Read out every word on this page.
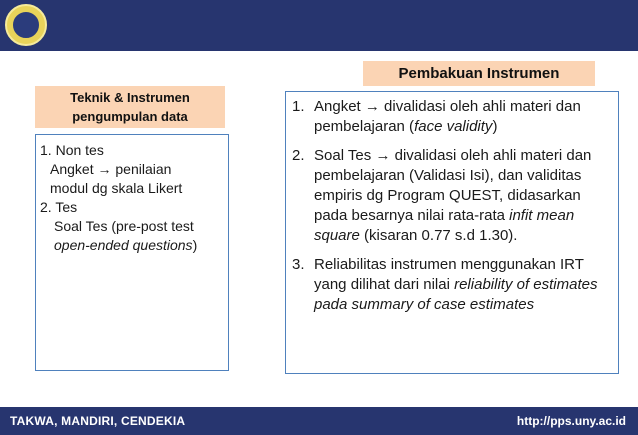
Teknik & Instrumen pengumpulan data
1. Non tes
Angket → penilaian
modul dg skala Likert
2. Tes
Soal Tes (pre-post test
open-ended questions)
Pembakuan Instrumen
1. Angket → divalidasi oleh ahli materi dan pembelajaran (face validity)
2. Soal Tes → divalidasi oleh ahli materi dan pembelajaran (Validasi Isi), dan validitas empiris dg Program QUEST, didasarkan pada besarnya nilai rata-rata infit mean square (kisaran 0.77 s.d 1.30).
3. Reliabilitas instrumen menggunakan IRT yang dilihat dari nilai reliability of estimates pada summary of case estimates
TAKWA, MANDIRI, CENDEKIA	http://pps.uny.ac.id
